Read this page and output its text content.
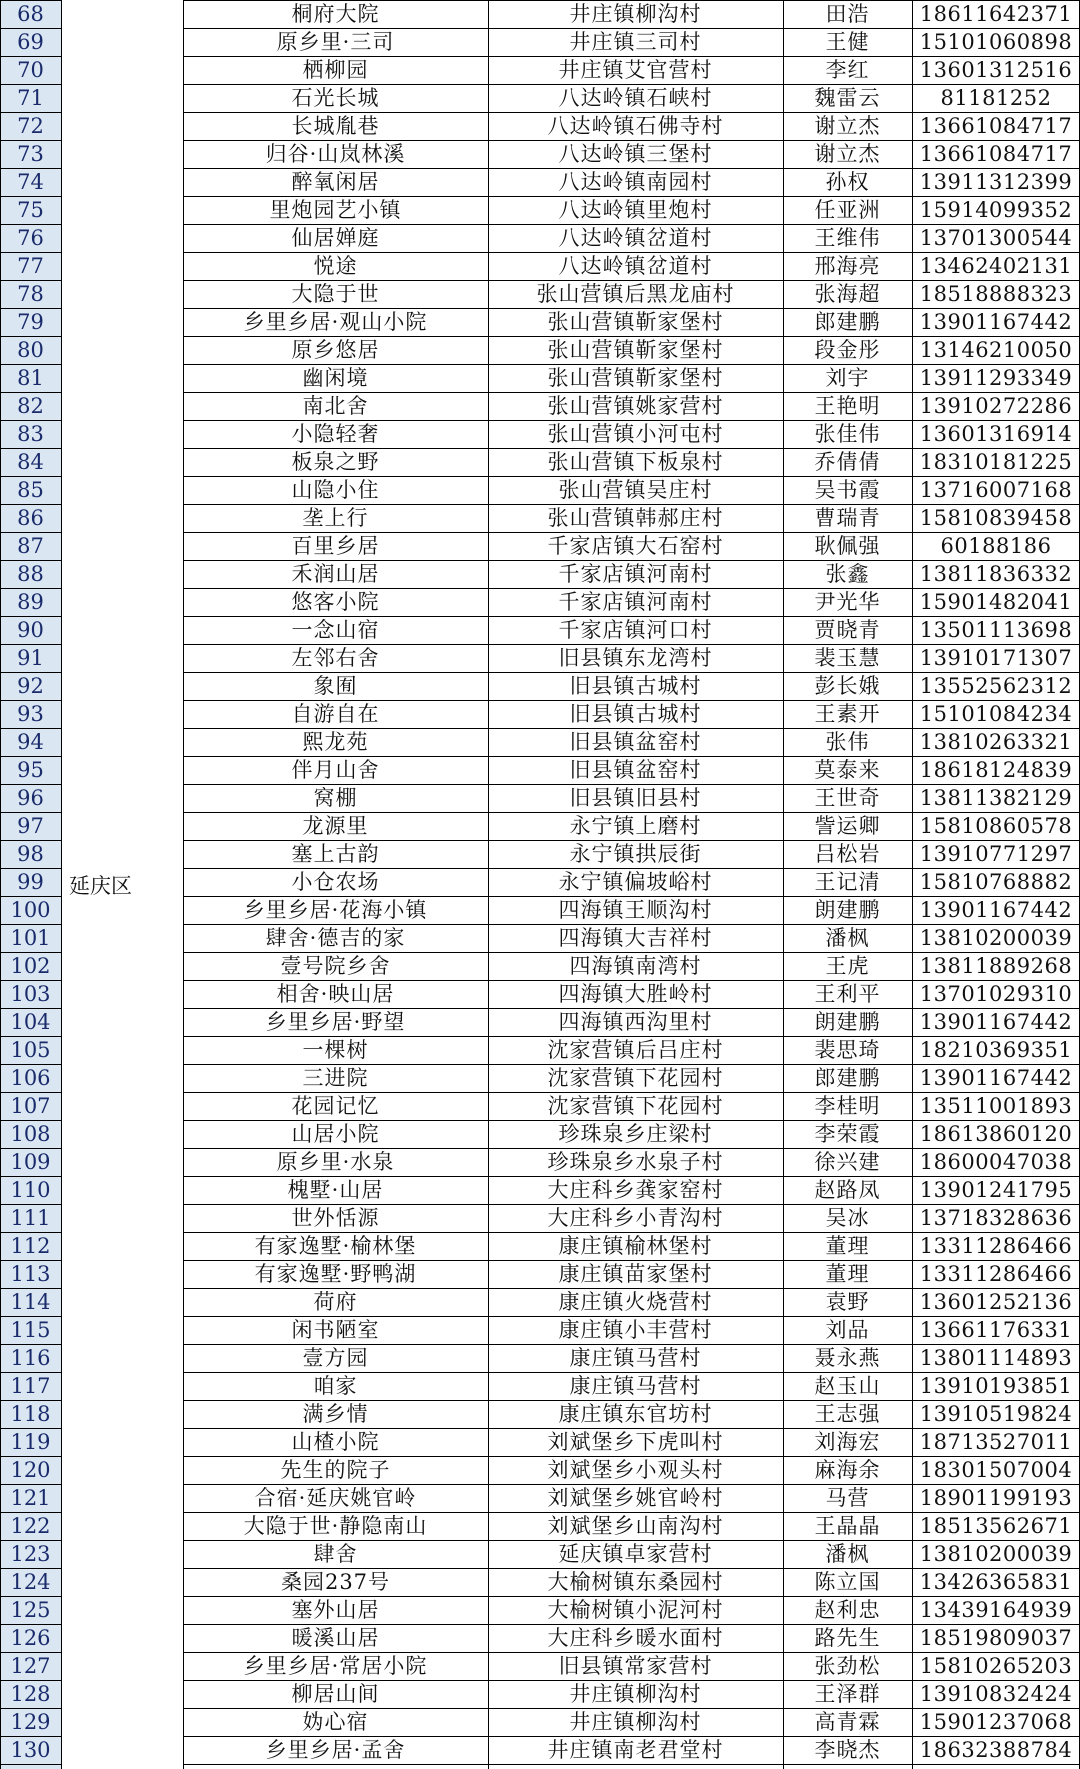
68	桐府大院	井庄镇柳沟村	田浩	18611642371
69	原乡里·三司	井庄镇三司村	王健	15101060898
70	栖柳园	井庄镇艾官营村	李红	13601312516
71	石光长城	八达岭镇石峡村	魏雷云	81181252
72	长城胤巷	八达岭镇石佛寺村	谢立杰	13661084717
73	归谷·山岚林溪	八达岭镇三堡村	谢立杰	13661084717
74	醉氧闲居	八达岭镇南园村	孙权	13911312399
75	里炮园艺小镇	八达岭镇里炮村	任亚洲	15914099352
76	仙居婵庭	八达岭镇岔道村	王维伟	13701300544
77	悦途	八达岭镇岔道村	邢海亮	13462402131
78	大隐于世	张山营镇后黑龙庙村	张海超	18518888323
79	乡里乡居·观山小院	张山营镇靳家堡村	郎建鹏	13901167442
80	原乡悠居	张山营镇靳家堡村	段金彤	13146210050
81	幽闲境	张山营镇靳家堡村	刘宇	13911293349
82	南北舍	张山营镇姚家营村	王艳明	13910272286
83	小隐轻奢	张山营镇小河屯村	张佳伟	13601316914
84	板泉之野	张山营镇下板泉村	乔倩倩	18310181225
85	山隐小住	张山营镇吴庄村	吴书霞	13716007168
86	垄上行	张山营镇韩郝庄村	曹瑞青	15810839458
87	百里乡居	千家店镇大石窑村	耿佩强	60188186
88	禾润山居	千家店镇河南村	张鑫	13811836332
89	悠客小院	千家店镇河南村	尹光华	15901482041
90	一念山宿	千家店镇河口村	贾晓青	13501113698
91	左邻右舍	旧县镇东龙湾村	裴玉慧	13910171307
92	象囿	旧县镇古城村	彭长娥	13552562312
93	自游自在	旧县镇古城村	王素开	15101084234
94	熙龙苑	旧县镇盆窑村	张伟	13810263321
95	伴月山舍	旧县镇盆窑村	莫泰来	18618124839
96	窝棚	旧县镇旧县村	王世奇	13811382129
97	龙源里	永宁镇上磨村	訾运卿	15810860578
98	塞上古韵	永宁镇拱辰街	吕松岩	13910771297
99	小仓农场	永宁镇偏坡峪村	王记清	15810768882
100	乡里乡居·花海小镇	四海镇王顺沟村	朗建鹏	13901167442
101	肆舍·德吉的家	四海镇大吉祥村	潘枫	13810200039
102	壹号院乡舍	四海镇南湾村	王虎	13811889268
103	相舍·映山居	四海镇大胜岭村	王利平	13701029310
104	乡里乡居·野望	四海镇西沟里村	朗建鹏	13901167442
105	一棵树	沈家营镇后吕庄村	裴思琦	18210369351
106	三进院	沈家营镇下花园村	郎建鹏	13901167442
107	花园记忆	沈家营镇下花园村	李桂明	13511001893
108	山居小院	珍珠泉乡庄梁村	李荣霞	18613860120
109	原乡里·水泉	珍珠泉乡水泉子村	徐兴建	18600047038
110	槐墅·山居	大庄科乡龚家窑村	赵路凤	13901241795
111	世外恬源	大庄科乡小青沟村	吴冰	13718328636
112	有家逸墅·榆林堡	康庄镇榆林堡村	董理	13311286466
113	有家逸墅·野鸭湖	康庄镇苗家堡村	董理	13311286466
114	荷府	康庄镇火烧营村	袁野	13601252136
115	闲书陋室	康庄镇小丰营村	刘品	13661176331
116	壹方园	康庄镇马营村	聂永燕	13801114893
117	咱家	康庄镇马营村	赵玉山	13910193851
118	满乡情	康庄镇东官坊村	王志强	13910519824
119	山楂小院	刘斌堡乡下虎叫村	刘海宏	18713527011
120	先生的院子	刘斌堡乡小观头村	麻海余	18301507004
121	合宿·延庆姚官岭	刘斌堡乡姚官岭村	马营	18901199193
122	大隐于世·静隐南山	刘斌堡乡山南沟村	王晶晶	18513562671
123	肆舍	延庆镇卓家营村	潘枫	13810200039
124	桑园237号	大榆树镇东桑园村	陈立国	13426365831
125	塞外山居	大榆树镇小泥河村	赵利忠	13439164939
126	暖溪山居	大庄科乡暖水面村	路先生	18519809037
127	乡里乡居·常居小院	旧县镇常家营村	张劲松	15810265203
128	柳居山间	井庄镇柳沟村	王泽群	13910832424
129	妫心宿	井庄镇柳沟村	高青霖	15901237068
130	乡里乡居·孟舍	井庄镇南老君堂村	李晓杰	18632388784
延庆区
